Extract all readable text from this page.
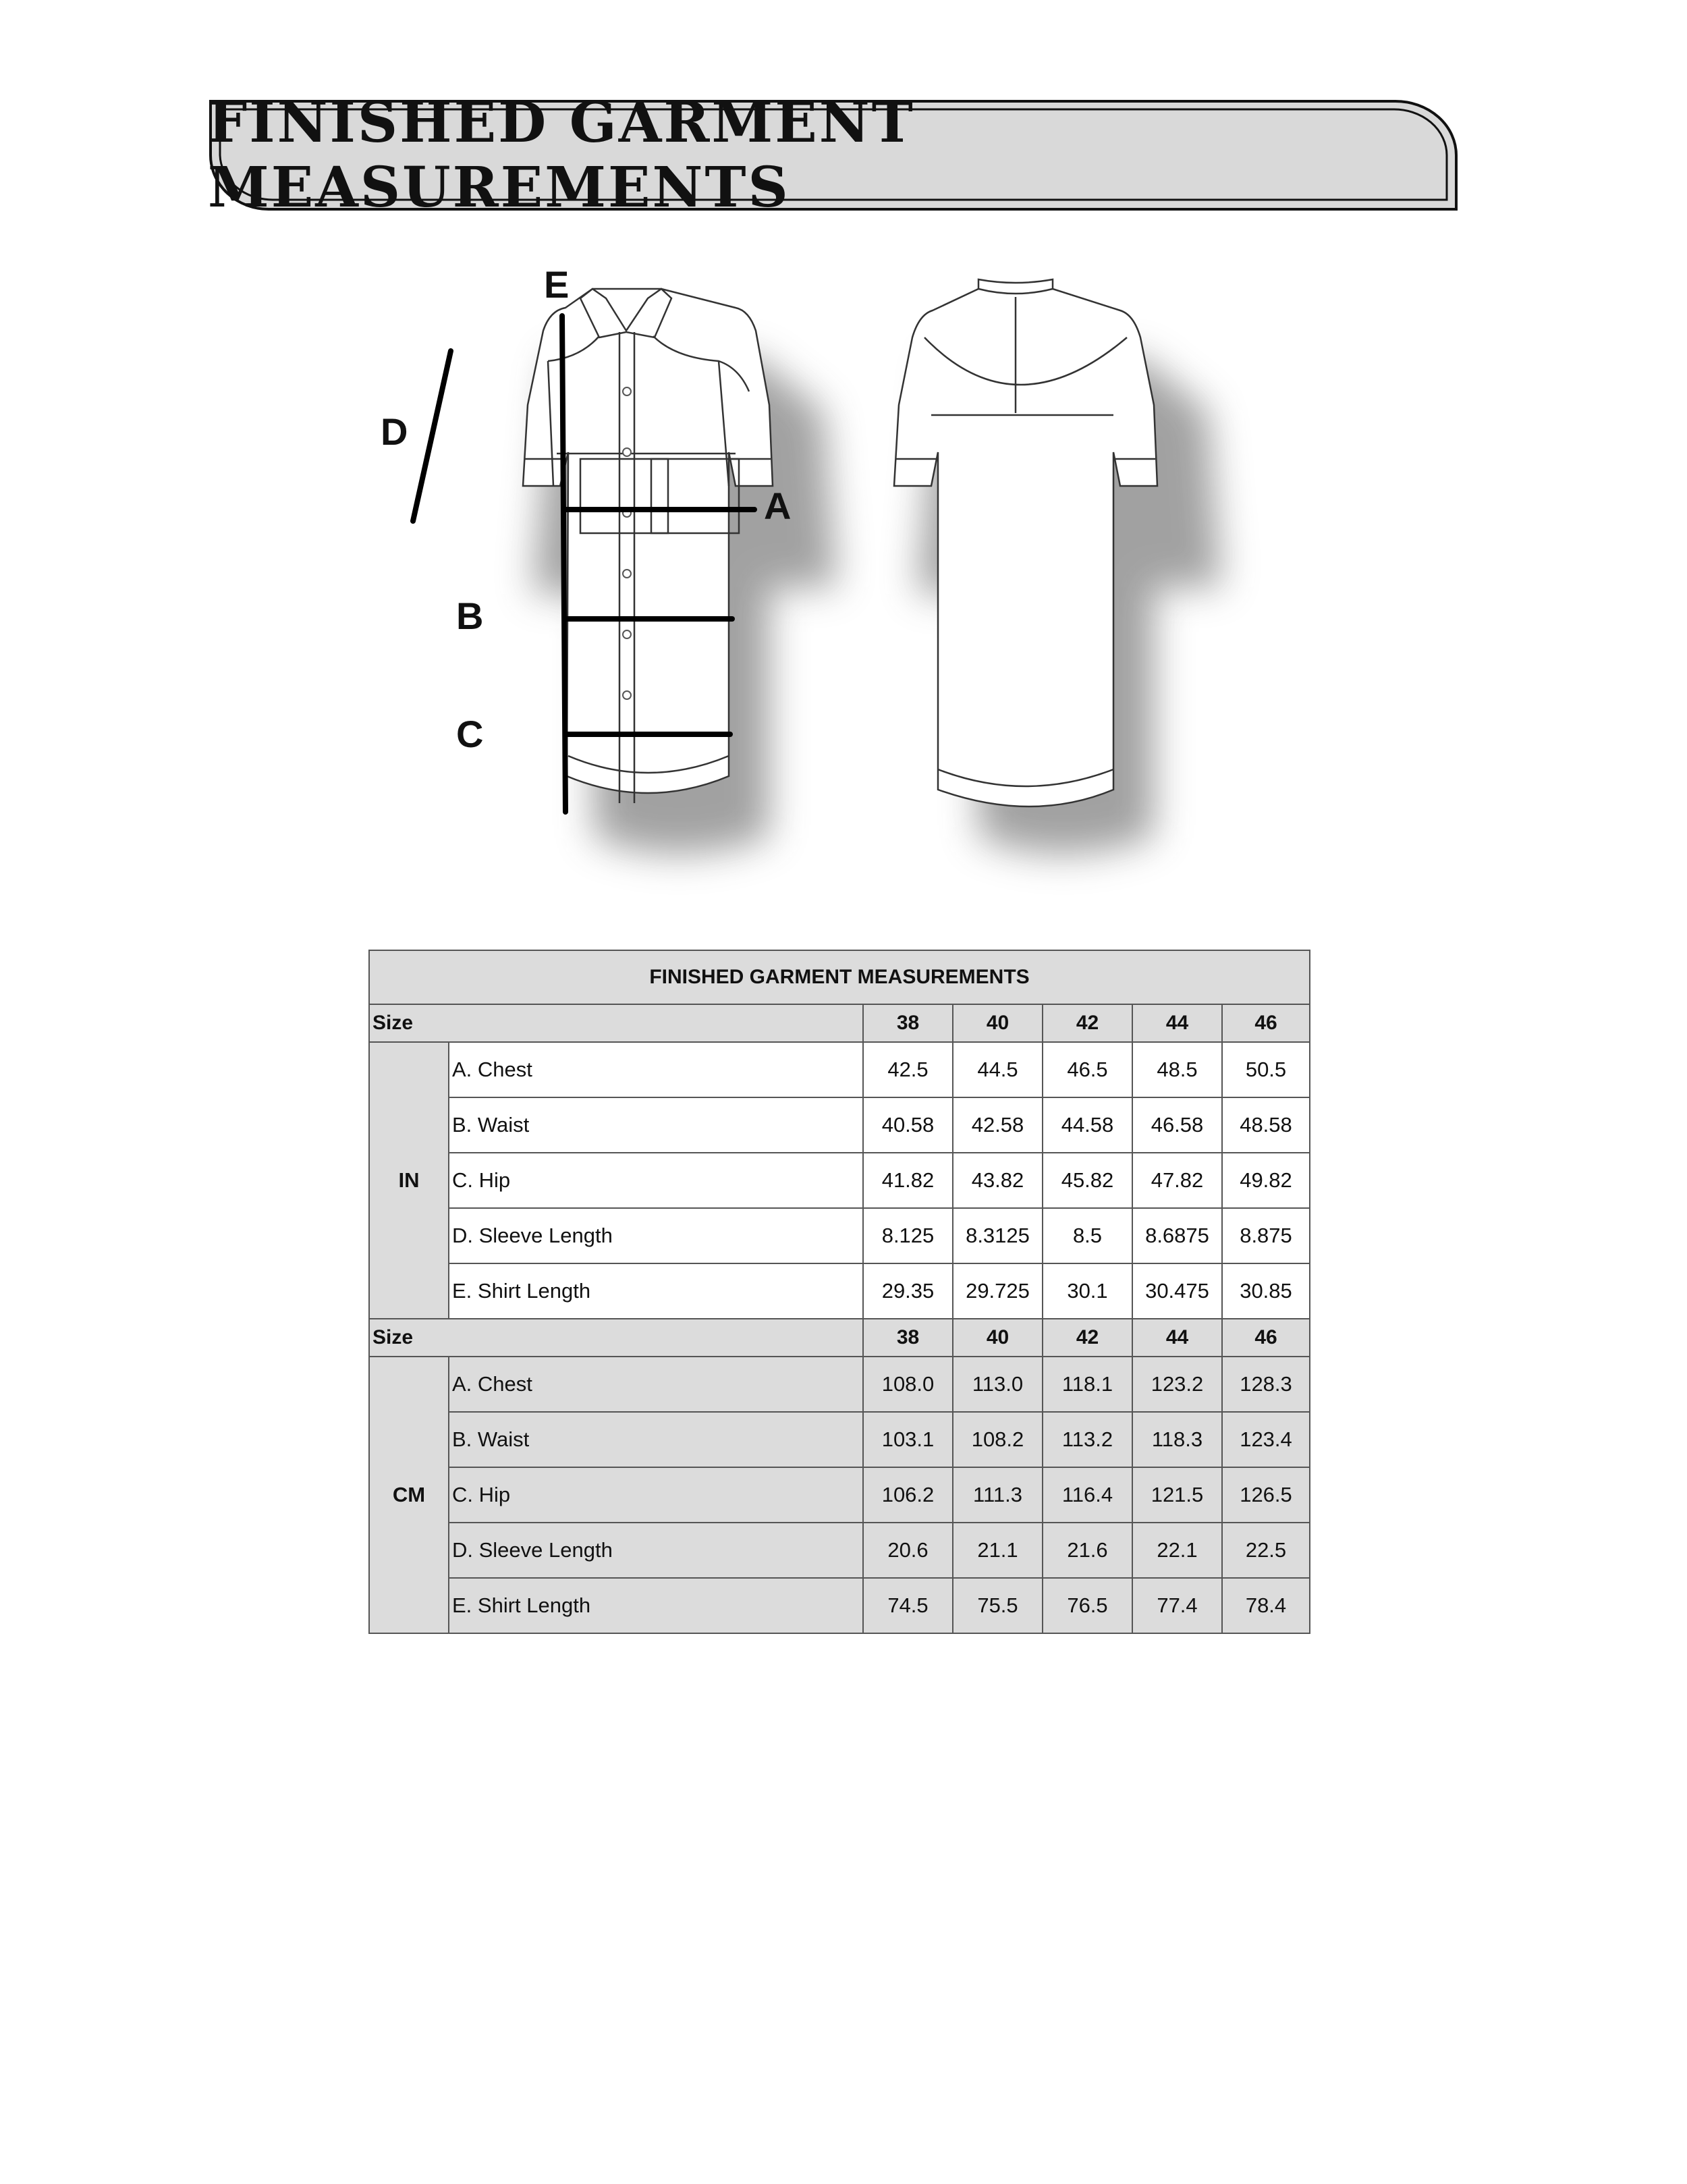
FINISHED GARMENT MEASUREMENTS
E
D
A
B
C
FINISHED GARMENT MEASUREMENTS						
Size		38	40	42	44	46
IN	A. Chest	42.5	44.5	46.5	48.5	50.5
	B. Waist	40.58	42.58	44.58	46.58	48.58
	C. Hip	41.82	43.82	45.82	47.82	49.82
	D. Sleeve Length	8.125	8.3125	8.5	8.6875	8.875
	E. Shirt Length	29.35	29.725	30.1	30.475	30.85
Size		38	40	42	44	46
CM	A. Chest	108.0	113.0	118.1	123.2	128.3
	B. Waist	103.1	108.2	113.2	118.3	123.4
	C. Hip	106.2	111.3	116.4	121.5	126.5
	D. Sleeve Length	20.6	21.1	21.6	22.1	22.5
	E. Shirt Length	74.5	75.5	76.5	77.4	78.4
